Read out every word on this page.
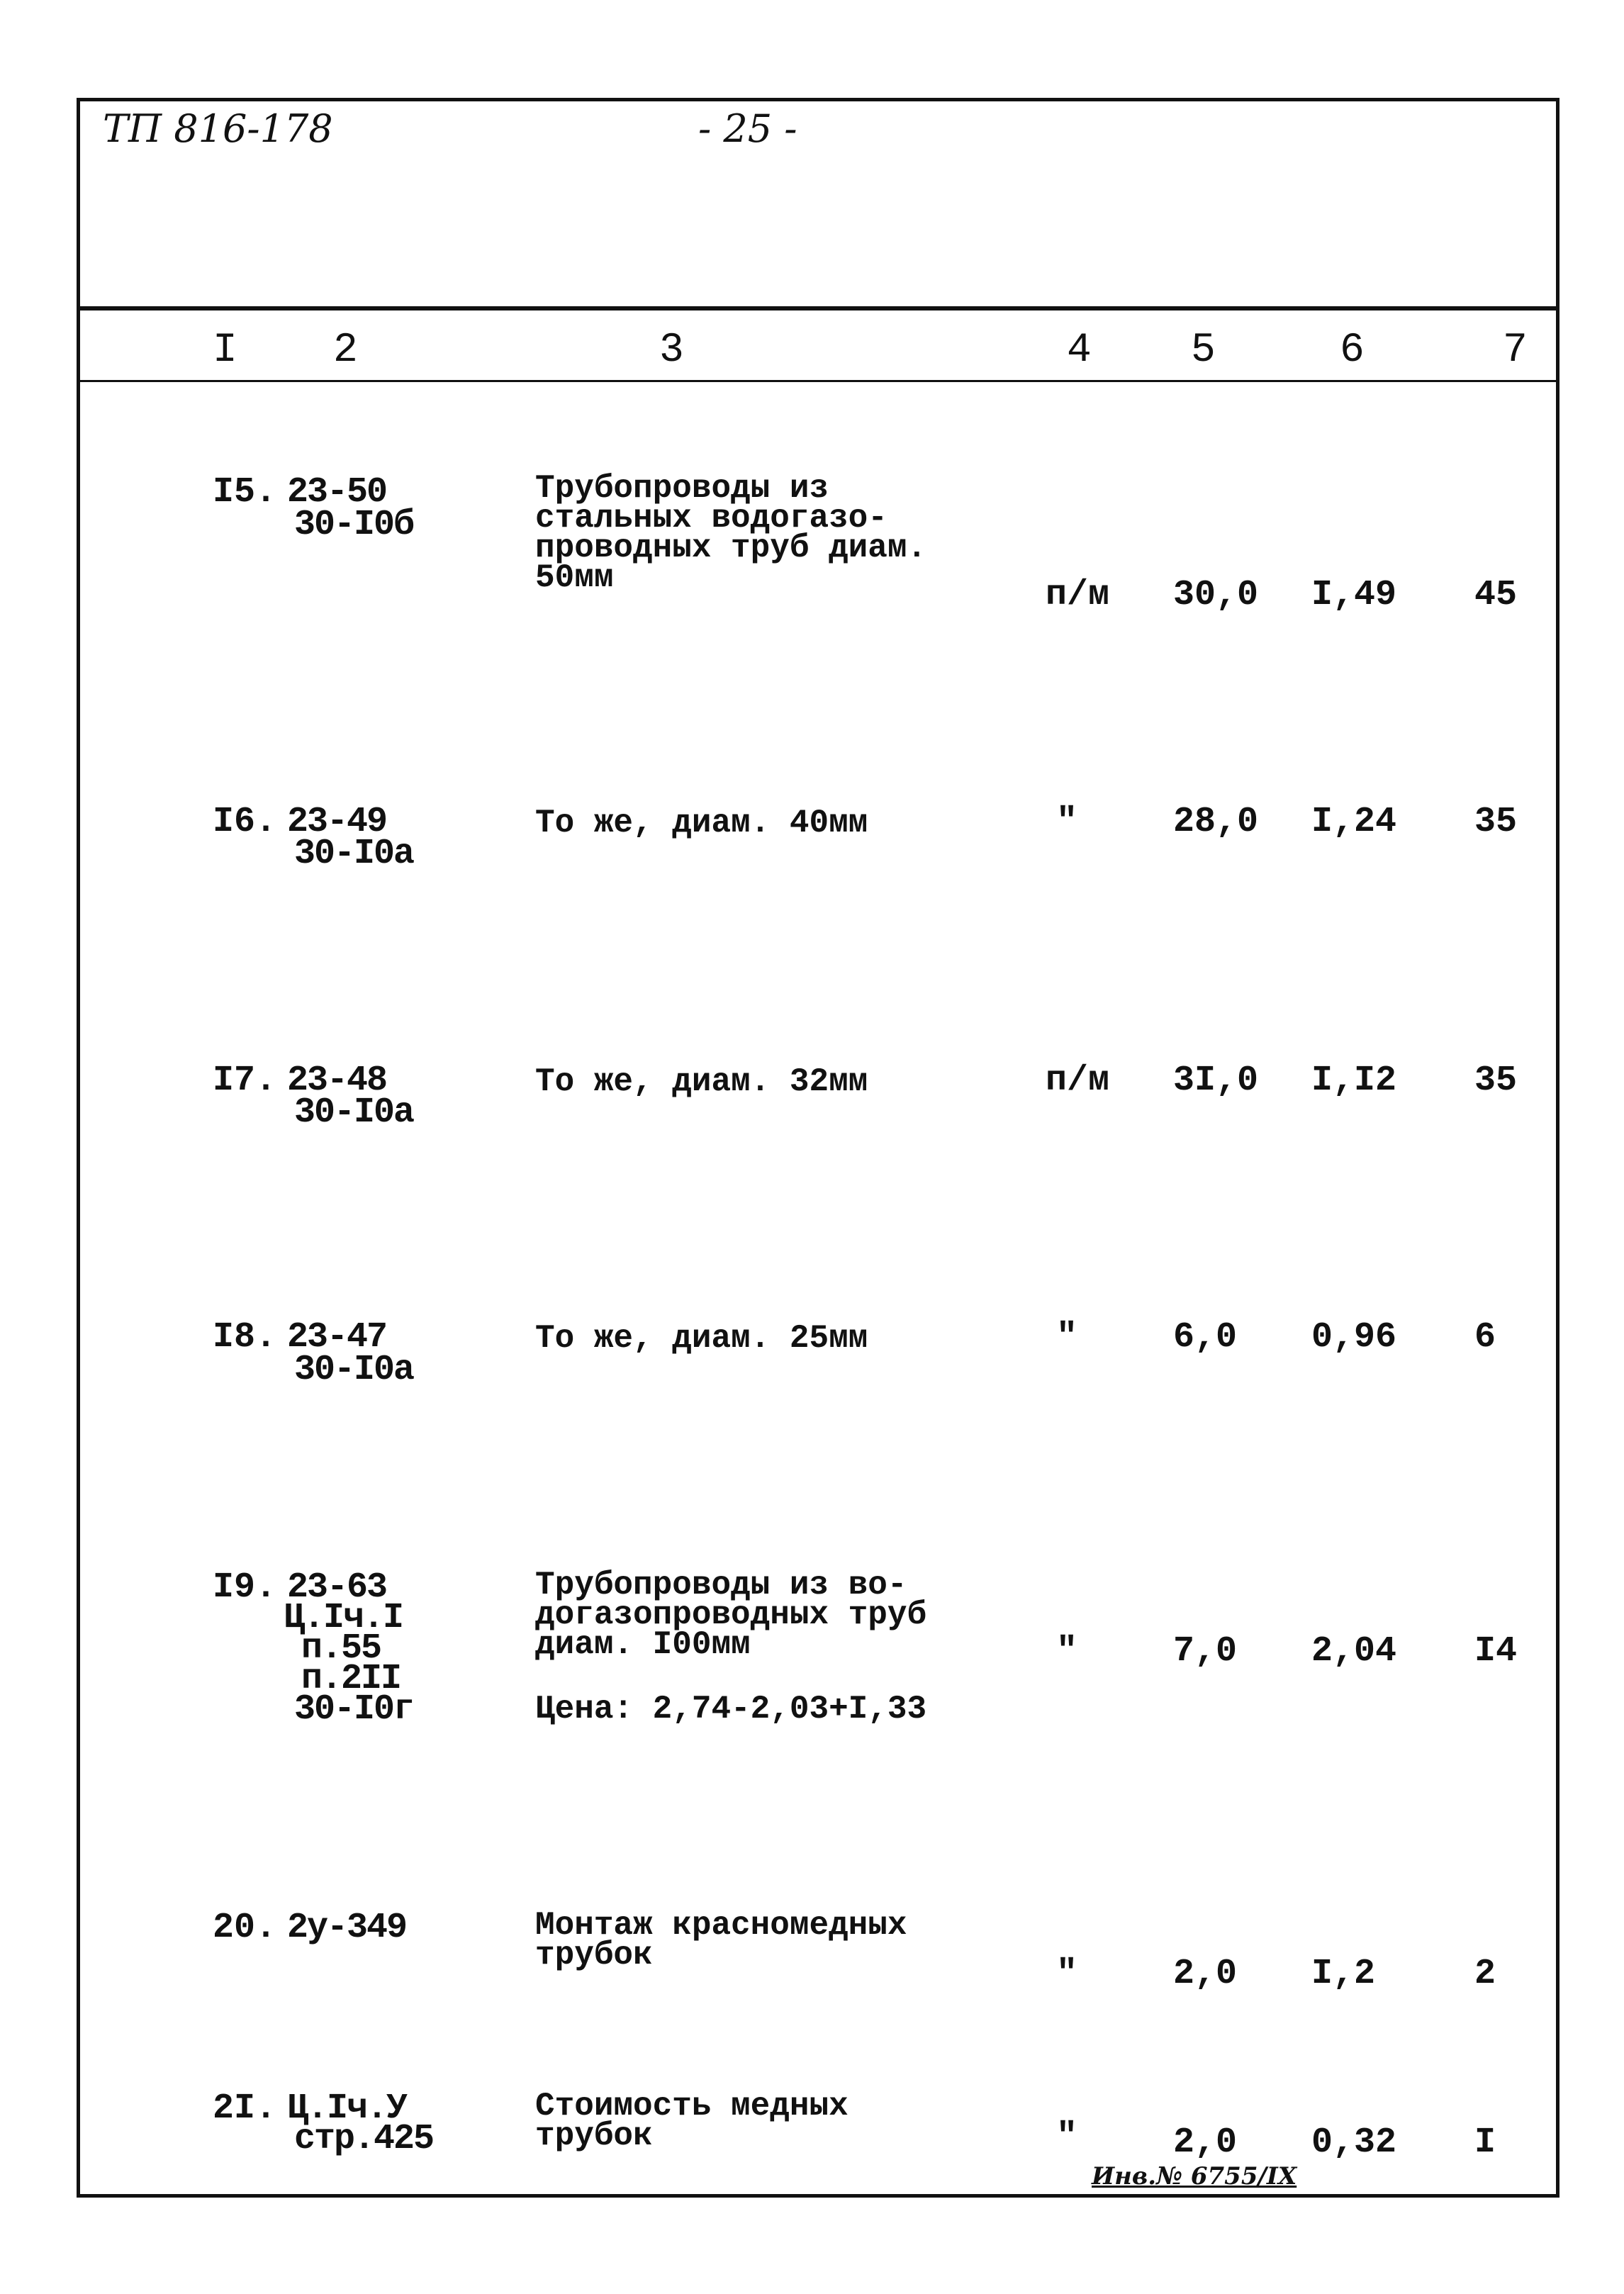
ТП 816-178	- 25 -
I 2	3	4 5	6	7
I5. 23-50
30-I0б
Трубопроводы из
стальных водогазо-
проводных труб диам.
50мм	п/м 30,0 I,49 45
I6. 23-49
30-I0а
То же, диам. 40мм	"	28,0 I,24 35
I7. 23-48
30-I0а
То же, диам. 32мм	п/м 3I,0 I,I2 35
I8. 23-47
30-I0а
То же, диам. 25мм	"	6,0 0,96 6
I9. 23-63
Ц.Iч.I
п.55
п.2II
30-I0г
Трубопроводы из во-
догазопроводных труб
диам. I00мм
Цена: 2,74-2,03+I,33
"	7,0 2,04 I4
20. 2у-349	Монтаж красномедных
трубок	"	2,0 I,2	2
2I. Ц.Iч.У
стр.425
Стоимость медных
трубок	"	2,0 0,32 I
Инв.№ 6755/IX
